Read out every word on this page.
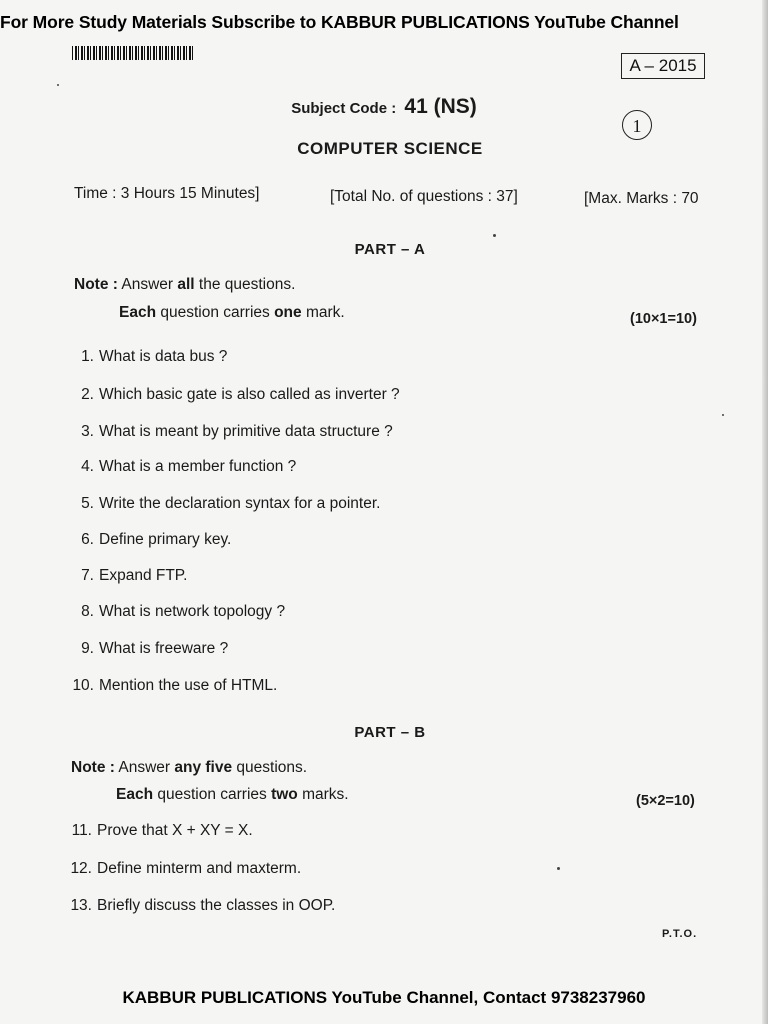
For More Study Materials Subscribe to KABBUR PUBLICATIONS YouTube Channel
A – 2015
Subject Code : 41 (NS)
1
COMPUTER SCIENCE
Time : 3 Hours 15 Minutes]	[Total No. of questions : 37]	[Max. Marks : 70
PART – A
Note : Answer all the questions.
Each question carries one mark.	(10×1=10)
1. What is data bus ?
2. Which basic gate is also called as inverter ?
3. What is meant by primitive data structure ?
4. What is a member function ?
5. Write the declaration syntax for a pointer.
6. Define primary key.
7. Expand FTP.
8. What is network topology ?
9. What is freeware ?
10. Mention the use of HTML.
PART – B
Note : Answer any five questions.
Each question carries two marks.	(5×2=10)
11. Prove that X + XY = X.
12. Define minterm and maxterm.
13. Briefly discuss the classes in OOP.
P.T.O.
KABBUR PUBLICATIONS YouTube Channel, Contact 9738237960
